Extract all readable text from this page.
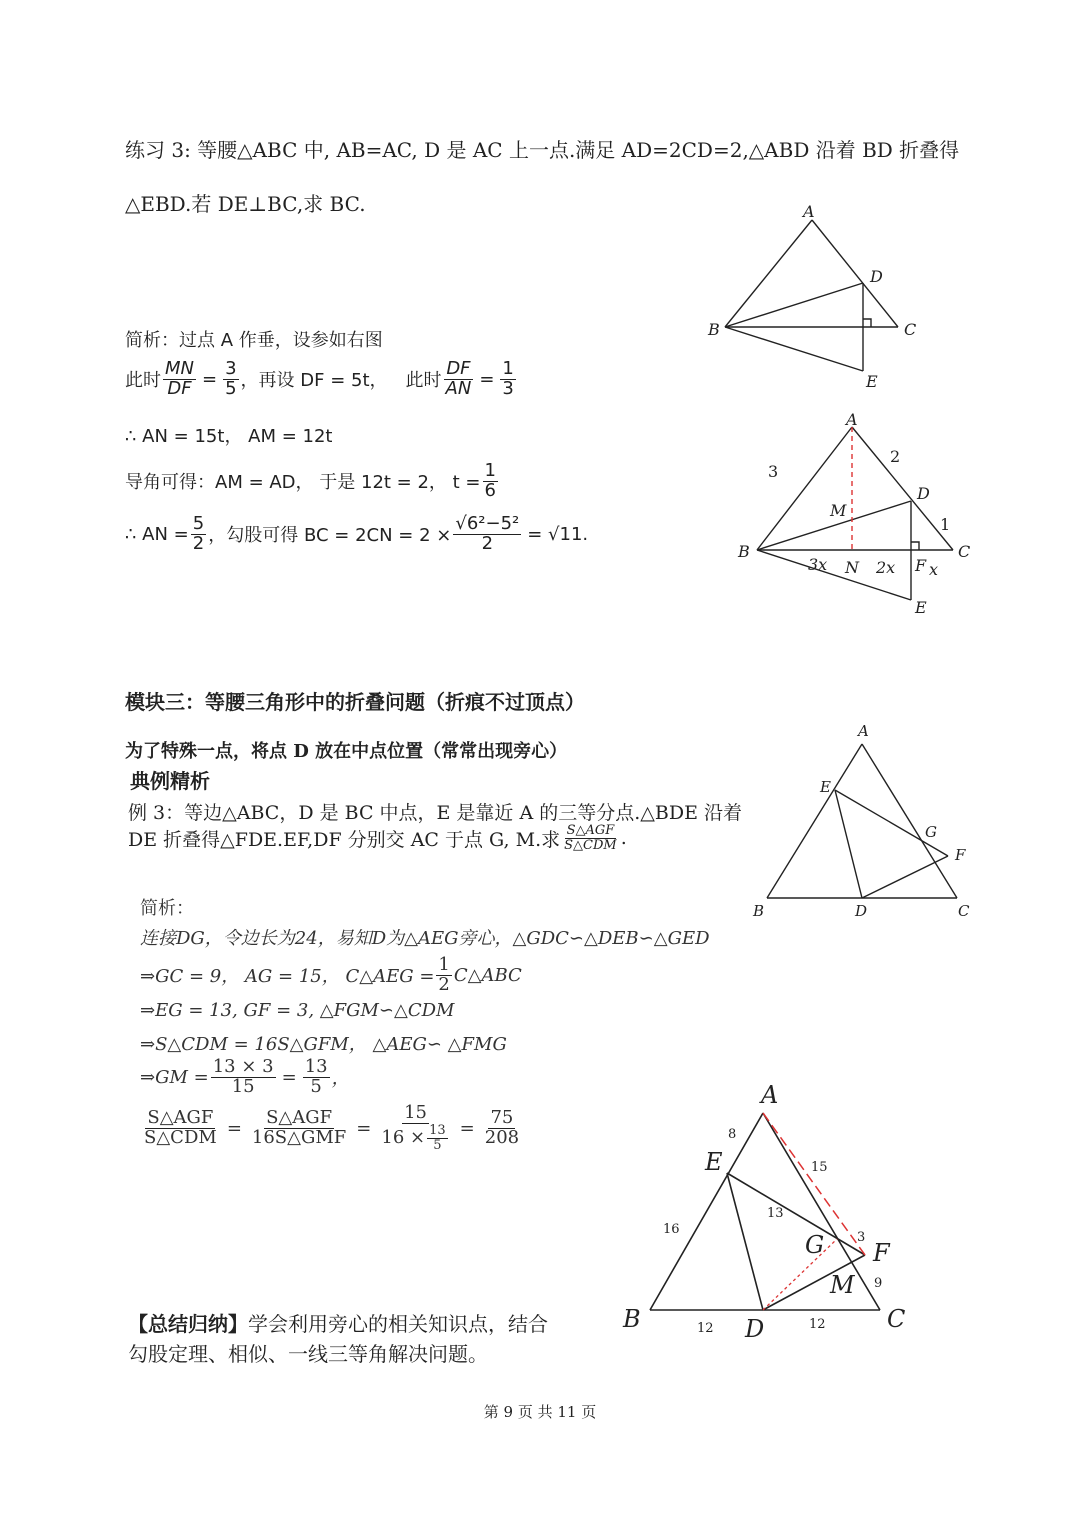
练习 3: 等腰△ABC 中, AB=AC, D 是 AC 上一点.满足 AD=2CD=2,△ABD 沿着 BD 折叠得
△EBD.若 DE⊥BC,求 BC.	A
D
B	C
E
简析：过点 A 作垂，设参如右图
此时 $\frac{MN}{DF} = \frac{3}{5}$ ，再设 DF = 5t， 此时 $\frac{DF}{AN} = \frac{1}{3}$
∴ AN = 15t， AM = 12t
导角可得：AM = AD， 于是 12t = 2， $t = \frac{1}{6}$
∴ AN = $\frac{5}{2}$ ，勾股可得 BC = $2CN = 2 \times \frac{\text{√6²−5²}}{2} = √11$.
A
2
3
D
M
1
B
3x N 2x F x
C
E
模块三：等腰三角形中的折叠问题（折痕不过顶点）
为了特殊一点，将点 D 放在中点位置（常常出现旁心）
典例精析
例 3：等边△ABC，D 是 BC 中点，E 是靠近 A 的三等分点.△BDE 沿着
DE 折叠得△FDE.EF,DF 分别交 AC 于点 G, M.求 $\frac{\text{S△AGF}}{\text{S△CDM}}$ .
A
E
G
F
B	D	C
简析：
连接DG，令边长为24，易知D为△AEG旁心，△GDC∽△DEB∽△GED
⇒GC = 9， AG = 15， C△AEG = $\frac{1}{2}$ C△ABC
⇒EG = 13, GF = 3, △FGM∽△CDM
⇒S△CDM = 16S△GFM， △AEG∽ △FMG
⇒GM = $\frac{13 \times 3}{15} = \frac{13}{5}$ ，
$\frac{\text{S△AGF}}{\text{S△CDM}} = \frac{\text{S△AGF}}{\text{16S△GMF}} = \frac{15}{16 \times \frac{13}{5}} = \frac{75}{208}$
A
8
15
E
16
13
G	3
F
M 9
B	12 D	12	C
【总结归纳】学会利用旁心的相关知识点，结合
勾股定理、相似、一线三等角解决问题。
第 9 页 共 11 页
